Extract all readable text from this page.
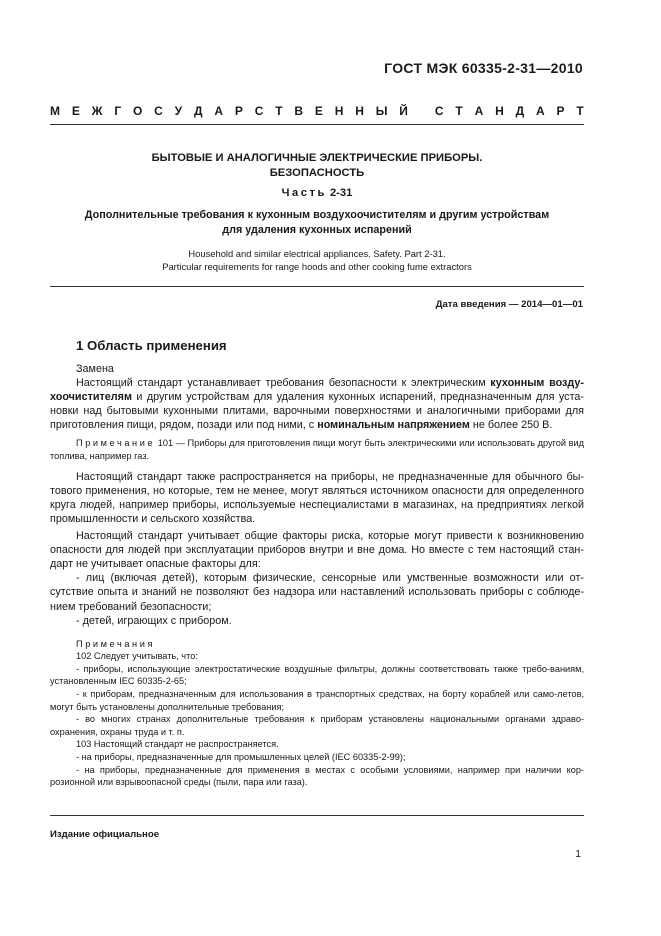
ГОСТ МЭК 60335-2-31—2010
М Е Ж Г О С У Д А Р С Т В Е Н Н Ы Й
С Т А Н Д А Р Т
БЫТОВЫЕ И АНАЛОГИЧНЫЕ ЭЛЕКТРИЧЕСКИЕ ПРИБОРЫ.
БЕЗОПАСНОСТЬ
Часть 2-31
Дополнительные требования к кухонным воздухоочистителям и другим устройствам
для удаления кухонных испарений
Household and similar electrical appliances. Safety. Part 2-31.
Particular requirements for range hoods and other cooking fume extractors
Дата введения — 2014—01—01
1 Область применения

Замена

Настоящий стандарт устанавливает требования безопасности к электрическим кухонным возду-хоочистителям и другим устройствам для удаления кухонных испарений, предназначенным для уста-новки над бытовыми кухонными плитами, варочными поверхностями и аналогичными приборами для приготовления пищи, рядом, позади или под ними, с номинальным напряжением не более 250 В.

Примечание 101 — Приборы для приготовления пищи могут быть электрическими или использовать другой вид топлива, например газ.

Настоящий стандарт также распространяется на приборы, не предназначенные для обычного бы-тового применения, но которые, тем не менее, могут являться источником опасности для определенного круга людей, например приборы, используемые неспециалистами в магазинах, на предприятиях легкой промышленности и сельского хозяйства.

Настоящий стандарт учитывает общие факторы риска, которые могут привести к возникновению опасности для людей при эксплуатации приборов внутри и вне дома. Но вместе с тем настоящий стан-дарт не учитывает опасные факторы для:

- лиц (включая детей), которым физические, сенсорные или умственные возможности или от-сутствие опыта и знаний не позволяют без надзора или наставлений использовать приборы с соблюде-нием требований безопасности;

- детей, играющих с прибором.

Примечания

102 Следует учитывать, что:

- приборы, использующие электростатические воздушные фильтры, должны соответствовать также требо-ваниям, установленным IEC 60335-2-65;

- к приборам, предназначенным для использования в транспортных средствах, на борту кораблей или само-летов, могут быть установлены дополнительные требования;

- во многих странах дополнительные требования к приборам установлены национальными органами здраво-охранения, охраны труда и т. п.

103 Настоящий стандарт не распространяется.

- на приборы, предназначенные для промышленных целей (IEC 60335-2-99);

- на приборы, предназначенные для применения в местах с особыми условиями, например при наличии кор-розионной или взрывоопасной среды (пыли, пара или газа).

Издание официальное
1
